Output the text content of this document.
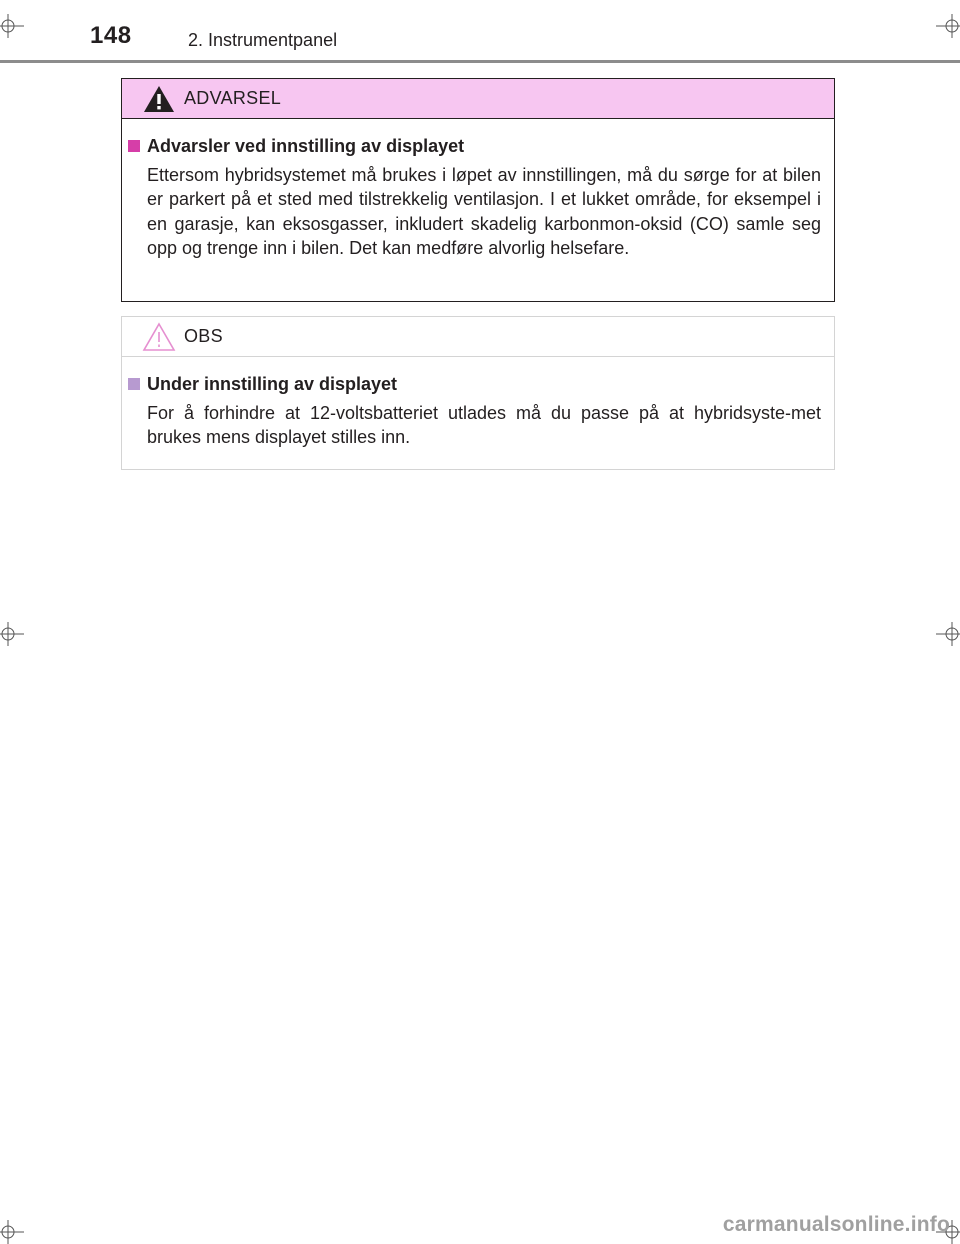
148	2. Instrumentpanel
ADVARSEL
Advarsler ved innstilling av displayet

Ettersom hybridsystemet må brukes i løpet av innstillingen, må du sørge for at bilen er parkert på et sted med tilstrekkelig ventilasjon. I et lukket område, for eksempel i en garasje, kan eksosgasser, inkludert skadelig karbonmon-oksid (CO) samle seg opp og trenge inn i bilen. Det kan medføre alvorlig helsefare.

OBS
Under innstilling av displayet

For å forhindre at 12-voltsbatteriet utlades må du passe på at hybridsyste-met brukes mens displayet stilles inn.

carmanualsonline.info
